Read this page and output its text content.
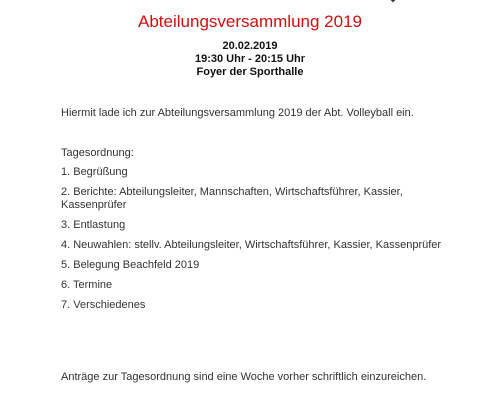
Abteilungsversammlung 2019
20.02.2019
19:30 Uhr - 20:15 Uhr
Foyer der Sporthalle
Hiermit lade ich zur Abteilungsversammlung 2019 der Abt. Volleyball ein.
Tagesordnung:
1. Begrüßung
2. Berichte: Abteilungsleiter, Mannschaften, Wirtschaftsführer, Kassier, Kassenprüfer
3. Entlastung
4. Neuwahlen: stellv. Abteilungsleiter, Wirtschaftsführer, Kassier, Kassenprüfer
5. Belegung Beachfeld 2019
6. Termine
7. Verschiedenes
Anträge zur Tagesordnung sind eine Woche vorher schriftlich einzureichen.
